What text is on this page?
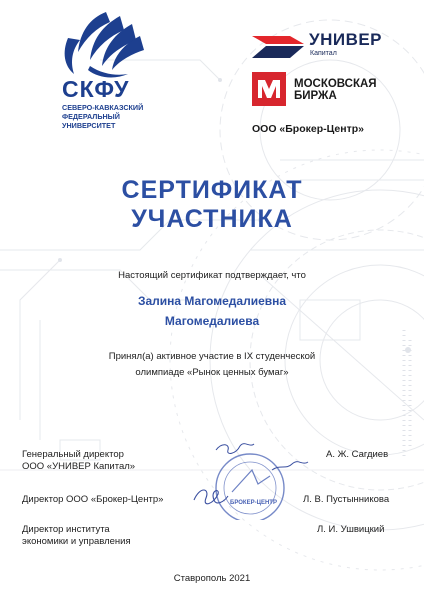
СКФУ
СЕВЕРО-КАВКАЗСКИЙ
ФЕДЕРАЛЬНЫЙ
УНИВЕРСИТЕТ
УНИВЕР
Капитал
МОСКОВСКАЯ
БИРЖА
ООО «Брокер-Центр»
СЕРТИФИКАТ
УЧАСТНИКА
Настоящий сертификат подтверждает, что
Залина Магомедалиевна
Магомедалиева
Принял(а) активное участие в IX студенческой
олимпиаде «Рынок ценных бумаг»
БРОКЕР-ЦЕНТР
Генеральный директор
ООО «УНИВЕР Капитал»
А. Ж. Сагдиев
Директор ООО «Брокер-Центр»	Л. В. Пустынникова
Директор института
экономики и управления
Л. И. Ушвицкий
Ставрополь 2021
